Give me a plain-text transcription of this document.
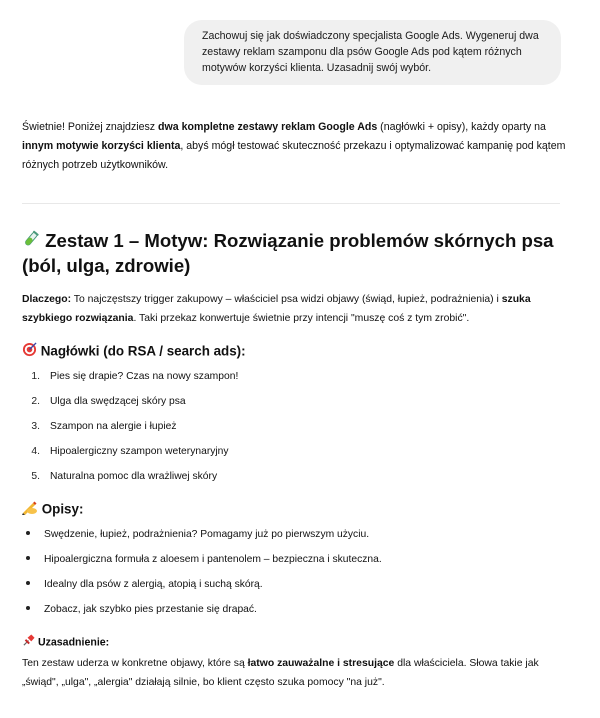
Zachowuj się jak doświadczony specjalista Google Ads. Wygeneruj dwa zestawy reklam szamponu dla psów Google Ads pod kątem różnych motywów korzyści klienta. Uzasadnij swój wybór.
Świetnie! Poniżej znajdziesz dwa kompletne zestawy reklam Google Ads (nagłówki + opisy), każdy oparty na innym motywie korzyści klienta, abyś mógł testować skuteczność przekazu i optymalizować kampanię pod kątem różnych potrzeb użytkowników.
Zestaw 1 – Motyw: Rozwiązanie problemów skórnych psa (ból, ulga, zdrowie)
Dlaczego: To najczęstszy trigger zakupowy – właściciel psa widzi objawy (świąd, łupież, podrażnienia) i szuka szybkiego rozwiązania. Taki przekaz konwertuje świetnie przy intencji "muszę coś z tym zrobić".
Nagłówki (do RSA / search ads):
1. Pies się drapie? Czas na nowy szampon!
2. Ulga dla swędzącej skóry psa
3. Szampon na alergie i łupież
4. Hipoalergiczny szampon weterynaryjny
5. Naturalna pomoc dla wrażliwej skóry
Opisy:
Swędzenie, łupież, podrażnienia? Pomagamy już po pierwszym użyciu.
Hipoalergiczna formuła z aloesem i pantenolem – bezpieczna i skuteczna.
Idealny dla psów z alergią, atopią i suchą skórą.
Zobacz, jak szybko pies przestanie się drapać.
Uzasadnienie:
Ten zestaw uderza w konkretne objawy, które są łatwo zauważalne i stresujące dla właściciela. Słowa takie jak „świąd", „ulga", „alergia" działają silnie, bo klient często szuka pomocy "na już".
